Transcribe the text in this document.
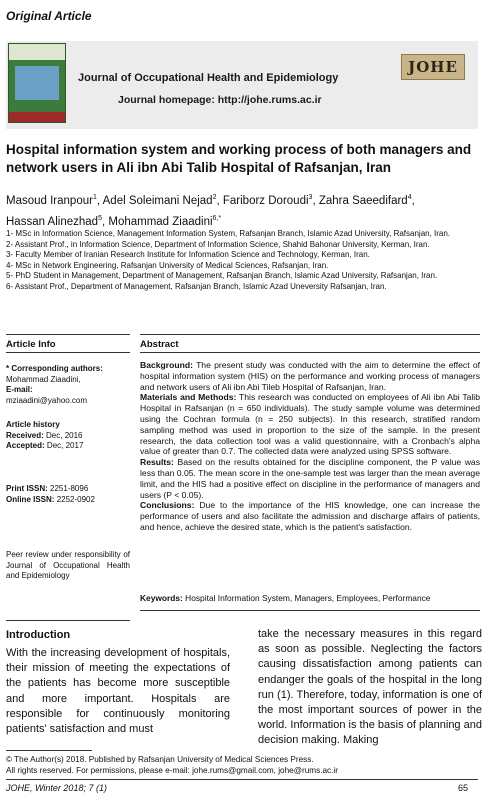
Original Article
Journal of Occupational Health and Epidemiology
Journal homepage: http://johe.rums.ac.ir
JOHE
Hospital information system and working process of both managers and network users in Ali ibn Abi Talib Hospital of Rafsanjan, Iran
Masoud Iranpour$^1$, Adel Soleimani Nejad$^2$, Fariborz Doroudi$^3$, Zahra Saeedifard$^4$,
Hassan Alinezhad$^5$, Mohammad Ziaadini$^{6,*}$
1- MSc in Information Science, Management Information System, Rafsanjan Branch, Islamic Azad University, Rafsanjan, Iran.
2- Assistant Prof., in Information Science, Department of Information Science, Shahid Bahonar University, Kerman, Iran.
3- Faculty Member of Iranian Research Institute for Information Science and Technology, Kerman, Iran.
4- MSc in Network Engineering, Rafsanjan University of Medical Sciences, Rafsanjan, Iran.
5- PhD Student in Management, Department of Management, Rafsanjan Branch, Islamic Azad University, Rafsanjan, Iran.
6- Assistant Prof., Department of Management, Rafsanjan Branch, Islamic Azad Uneversity Rafsanjan, Iran.
Article Info	Abstract
* Corresponding authors:
Mohammad Ziaadini,
E-mail:
mziaadini@yahoo.com
Article history
Received: Dec, 2016
Accepted: Dec, 2017
Print ISSN: 2251-8096
Online ISSN: 2252-0902
Peer review under responsibility of Journal of Occupational Health and Epidemiology

Background: The present study was conducted with the aim to determine the effect of hospital information system (HIS) on the performance and working process of managers and network users of Ali ibn Abi Tileb Hospital of Rafsanjan, Iran.

Materials and Methods: This research was conducted on employees of Ali ibn Abi Talib Hospital in Rafsanjan (n = 650 individuals). The study sample volume was determined using the Cochran formula (n = 250 subjects). In this research, stratified random sampling method was used in proportion to the size of the sample. In the present research, the data collection tool was a valid questionnaire, with a Cronbach's alpha value of greater than 0.7. The collected data were analyzed using SPSS software.

Results: Based on the results obtained for the discipline component, the P value was less than 0.05. The mean score in the one-sample test was larger than the mean average limit, and the HIS had a positive effect on discipline in the performance of managers and users (P < 0.05).

Conclusions: Due to the importance of the HIS knowledge, one can increase the performance of users and also facilitate the admission and discharge affairs of patients, and hence, achieve the desired state, which is the patient's satisfaction.

Keywords: Hospital Information System, Managers, Employees, Performance
Introduction
With the increasing development of hospitals, their mission of meeting the expectations of the patients has become more susceptible and more important. Hospitals are responsible for continuously monitoring patients' satisfaction and must
take the necessary measures in this regard as soon as possible. Neglecting the factors causing dissatisfaction among patients can endanger the goals of the hospital in the long run (1). Therefore, today, information is one of the most important sources of power in the world. Information is the basis of planning and decision making. Making
© The Author(s) 2018. Published by Rafsanjan University of Medical Sciences Press.
All rights reserved. For permissions, please e-mail: johe.rums@gmail.com, johe@rums.ac.ir
JOHE, Winter 2018; 7 (1)	65
